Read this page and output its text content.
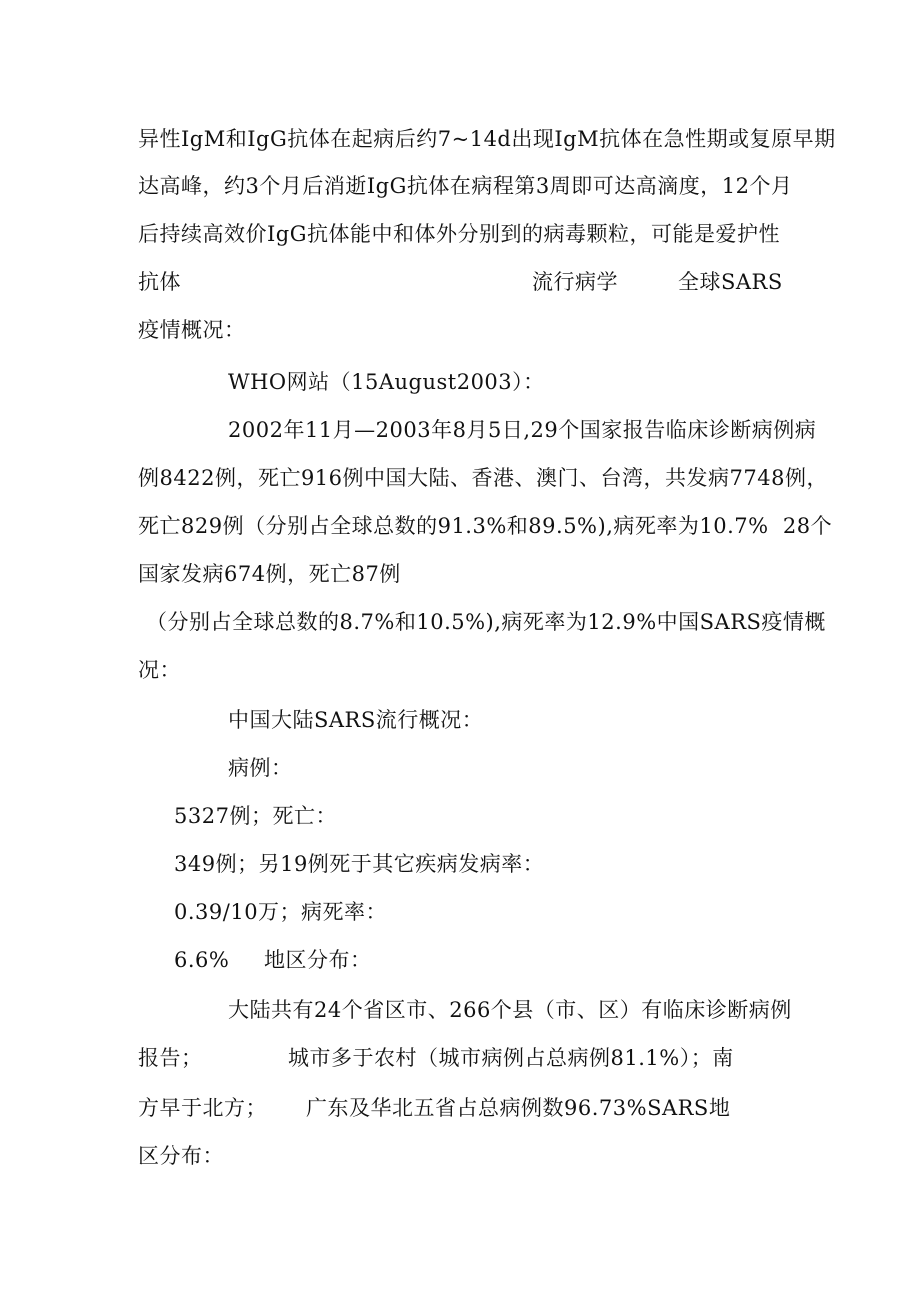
异性IgM和IgG抗体在起病后约7~14d出现IgM抗体在急性期或复原早期
达高峰，约3个月后消逝IgG抗体在病程第3周即可达高滴度，12个月
后持续高效价IgG抗体能中和体外分别到的病毒颗粒，可能是爱护性
抗体	流行病学	全球SARS
疫情概况：
WHO网站（15August2003）：
2002年11月—2003年8月5日,29个国家报告临床诊断病例病
例8422例，死亡916例中国大陆、香港、澳门、台湾，共发病7748例，
死亡829例（分别占全球总数的91.3%和89.5%),病死率为10.7%  28个
国家发病674例，死亡87例
（分别占全球总数的8.7%和10.5%),病死率为12.9%中国SARS疫情概
况：
中国大陆SARS流行概况：
病例：
5327例；死亡：
349例；另19例死于其它疾病发病率：
0.39/10万；病死率：
6.6% 地区分布：
大陆共有24个省区市、266个县（市、区）有临床诊断病例
报告；	城市多于农村（城市病例占总病例81.1%）；南
方早于北方； 广东及华北五省占总病例数96.73%SARS地
区分布：
